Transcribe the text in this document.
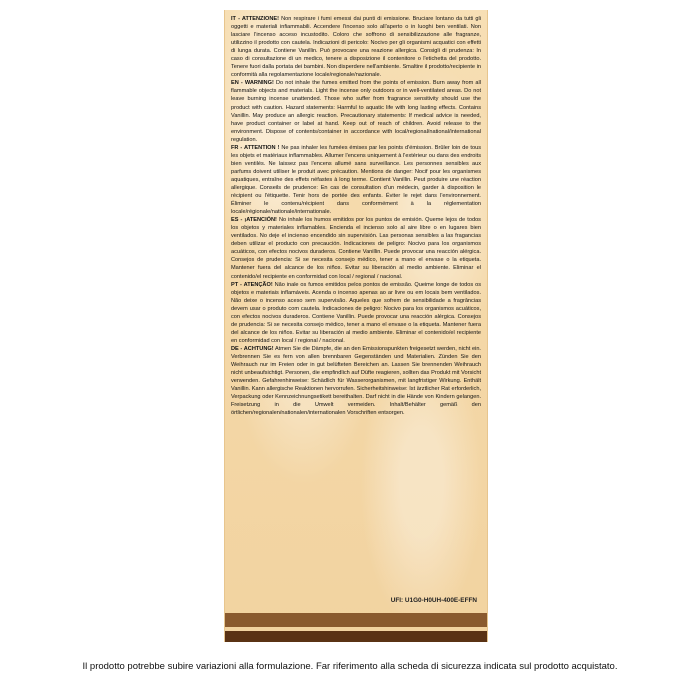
IT - ATTENZIONE! Non respirare i fumi emessi dai punti di emissione. Bruciare lontano da tutti gli oggetti e materiali infiammabili. Accendere l'incenso solo all'aperto o in luoghi ben ventilati. Non lasciare l'incenso acceso incustodito. Coloro che soffrono di sensibilizzazione alle fragranze, utilizzino il prodotto con cautela. Indicazioni di pericolo: Nocivo per gli organismi acquatici con effetti di lunga durata. Contiene Vanillin. Può provocare una reazione allergica. Consigli di prudenza: In caso di consultazione di un medico, tenere a disposizione il contenitore o l'etichetta del prodotto. Tenere fuori dalla portata dei bambini. Non disperdere nell'ambiente. Smaltire il prodotto/recipiente in conformità alla regolamentazione locale/regionale/nazionale.

EN - WARNING! Do not inhale the fumes emitted from the points of emission. Burn away from all flammable objects and materials. Light the incense only outdoors or in well-ventilated areas. Do not leave burning incense unattended. Those who suffer from fragrance sensitivity should use the product with caution. Hazard statements: Harmful to aquatic life with long lasting effects. Contains Vanillin. May produce an allergic reaction. Precautionary statements: If medical advice is needed, have product container or label at hand. Keep out of reach of children. Avoid release to the environment. Dispose of contents/container in accordance with local/regional/national/international regulation.

FR - ATTENTION ! Ne pas inhaler les fumées émises par les points d'émission. Brûler loin de tous les objets et matériaux inflammables. Allumer l'encens uniquement à l'extérieur ou dans des endroits bien ventilés. Ne laissez pas l'encens allumé sans surveillance. Les personnes sensibles aux parfums doivent utiliser le produit avec précaution. Mentions de danger: Nocif pour les organismes aquatiques, entraîne des effets néfastes à long terme. Contient Vanillin. Peut produire une réaction allergique. Conseils de prudence: En cas de consultation d'un médecin, garder à disposition le récipient ou l'étiquette. Tenir hors de portée des enfants. Éviter le rejet dans l'environnement. Éliminer le contenu/récipient dans conformément à la réglementation locale/régionale/nationale/internationale.

ES - ¡ATENCIÓN! No inhale los humos emitidos por los puntos de emisión. Queme lejos de todos los objetos y materiales inflamables. Encienda el incienso solo al aire libre o en lugares bien ventilados. No deje el incienso encendido sin supervisión. Las personas sensibles a las fragancias deben utilizar el producto con precaución. Indicaciones de peligro: Nocivo para los organismos acuáticos, con efectos nocivos duraderos. Contiene Vanillin. Puede provocar una reacción alérgica. Consejos de prudencia: Si se necesita consejo médico, tener a mano el envase o la etiqueta. Mantener fuera del alcance de los niños. Evitar su liberación al medio ambiente. Eliminar el contenido/el recipiente en conformidad con local / regional / nacional.

PT - ATENÇÃO! Não inale os fumos emitidos pelos pontos de emissão. Queime longe de todos os objetos e materiais inflamáveis. Acenda o incenso apenas ao ar livre ou em locais bem ventilados. Não deixe o incenso aceso sem supervisão. Aqueles que sofrem de sensibilidade a fragrâncias devem usar o produto com cautela. Indicaciones de peligro: Nocivo para los organismos acuáticos, con efectos nocivos duraderos. Contiene Vanillin. Puede provocar una reacción alérgica. Consejos de prudencia: Si se necesita consejo médico, tener a mano el envase o la etiqueta. Mantener fuera del alcance de los niños. Evitar su liberación al medio ambiente. Eliminar el contenido/el recipiente en conformidad con local / regional / nacional.

DE - ACHTUNG! Atmen Sie die Dämpfe, die an den Emissionspunkten freigesetzt werden, nicht ein. Verbrennen Sie es fern von allen brennbaren Gegenständen und Materialien. Zünden Sie den Weihrauch nur im Freien oder in gut belüfteten Bereichen an. Lassen Sie brennenden Weihrauch nicht unbeaufsichtigt. Personen, die empfindlich auf Düfte reagieren, sollten das Produkt mit Vorsicht verwenden. Gefahrenhinweise: Schädlich für Wasserorganismen, mit langfristiger Wirkung. Enthält Vanillin. Kann allergische Reaktionen hervorrufen. Sicherheitshinweise: Ist ärztlicher Rat erforderlich, Verpackung oder Kennzeichnungsetikett bereithalten. Darf nicht in die Hände von Kindern gelangen. Freisetzung in die Umwelt vermeiden. Inhalt/Behälter gemäß den örtlichen/regionalen/nationalen/internationalen Vorschriften entsorgen.

UFI: U1G0-H0UH-400E-EFFN
Il prodotto potrebbe subire variazioni alla formulazione. Far riferimento alla scheda di sicurezza indicata sul prodotto acquistato.
